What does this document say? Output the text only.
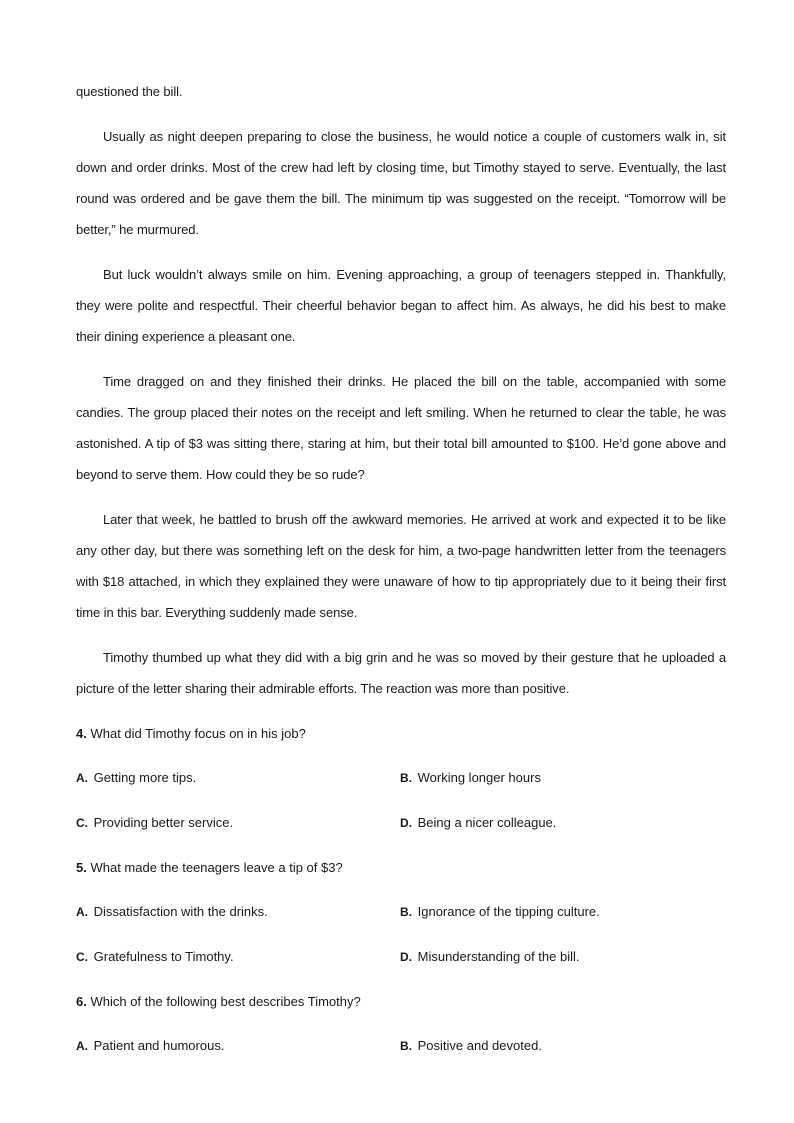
questioned the bill.

Usually as night deepen preparing to close the business, he would notice a couple of customers walk in, sit down and order drinks. Most of the crew had left by closing time, but Timothy stayed to serve. Eventually, the last round was ordered and be gave them the bill. The minimum tip was suggested on the receipt. “Tomorrow will be better,” he murmured.

But luck wouldn’t always smile on him. Evening approaching, a group of teenagers stepped in. Thankfully, they were polite and respectful. Their cheerful behavior began to affect him. As always, he did his best to make their dining experience a pleasant one.

Time dragged on and they finished their drinks. He placed the bill on the table, accompanied with some candies. The group placed their notes on the receipt and left smiling. When he returned to clear the table, he was astonished. A tip of $3 was sitting there, staring at him, but their total bill amounted to $100. He’d gone above and beyond to serve them. How could they be so rude?

Later that week, he battled to brush off the awkward memories. He arrived at work and expected it to be like any other day, but there was something left on the desk for him, a two-page handwritten letter from the teenagers with $18 attached, in which they explained they were unaware of how to tip appropriately due to it being their first time in this bar. Everything suddenly made sense.

Timothy thumbed up what they did with a big grin and he was so moved by their gesture that he uploaded a picture of the letter sharing their admirable efforts. The reaction was more than positive.

4. What did Timothy focus on in his job?
A. Getting more tips.	B. Working longer hours
C. Providing better service.	D. Being a nicer colleague.
5. What made the teenagers leave a tip of $3?
A. Dissatisfaction with the drinks.	B. Ignorance of the tipping culture.
C. Gratefulness to Timothy.	D. Misunderstanding of the bill.
6. Which of the following best describes Timothy?
A. Patient and humorous.	B. Positive and devoted.
